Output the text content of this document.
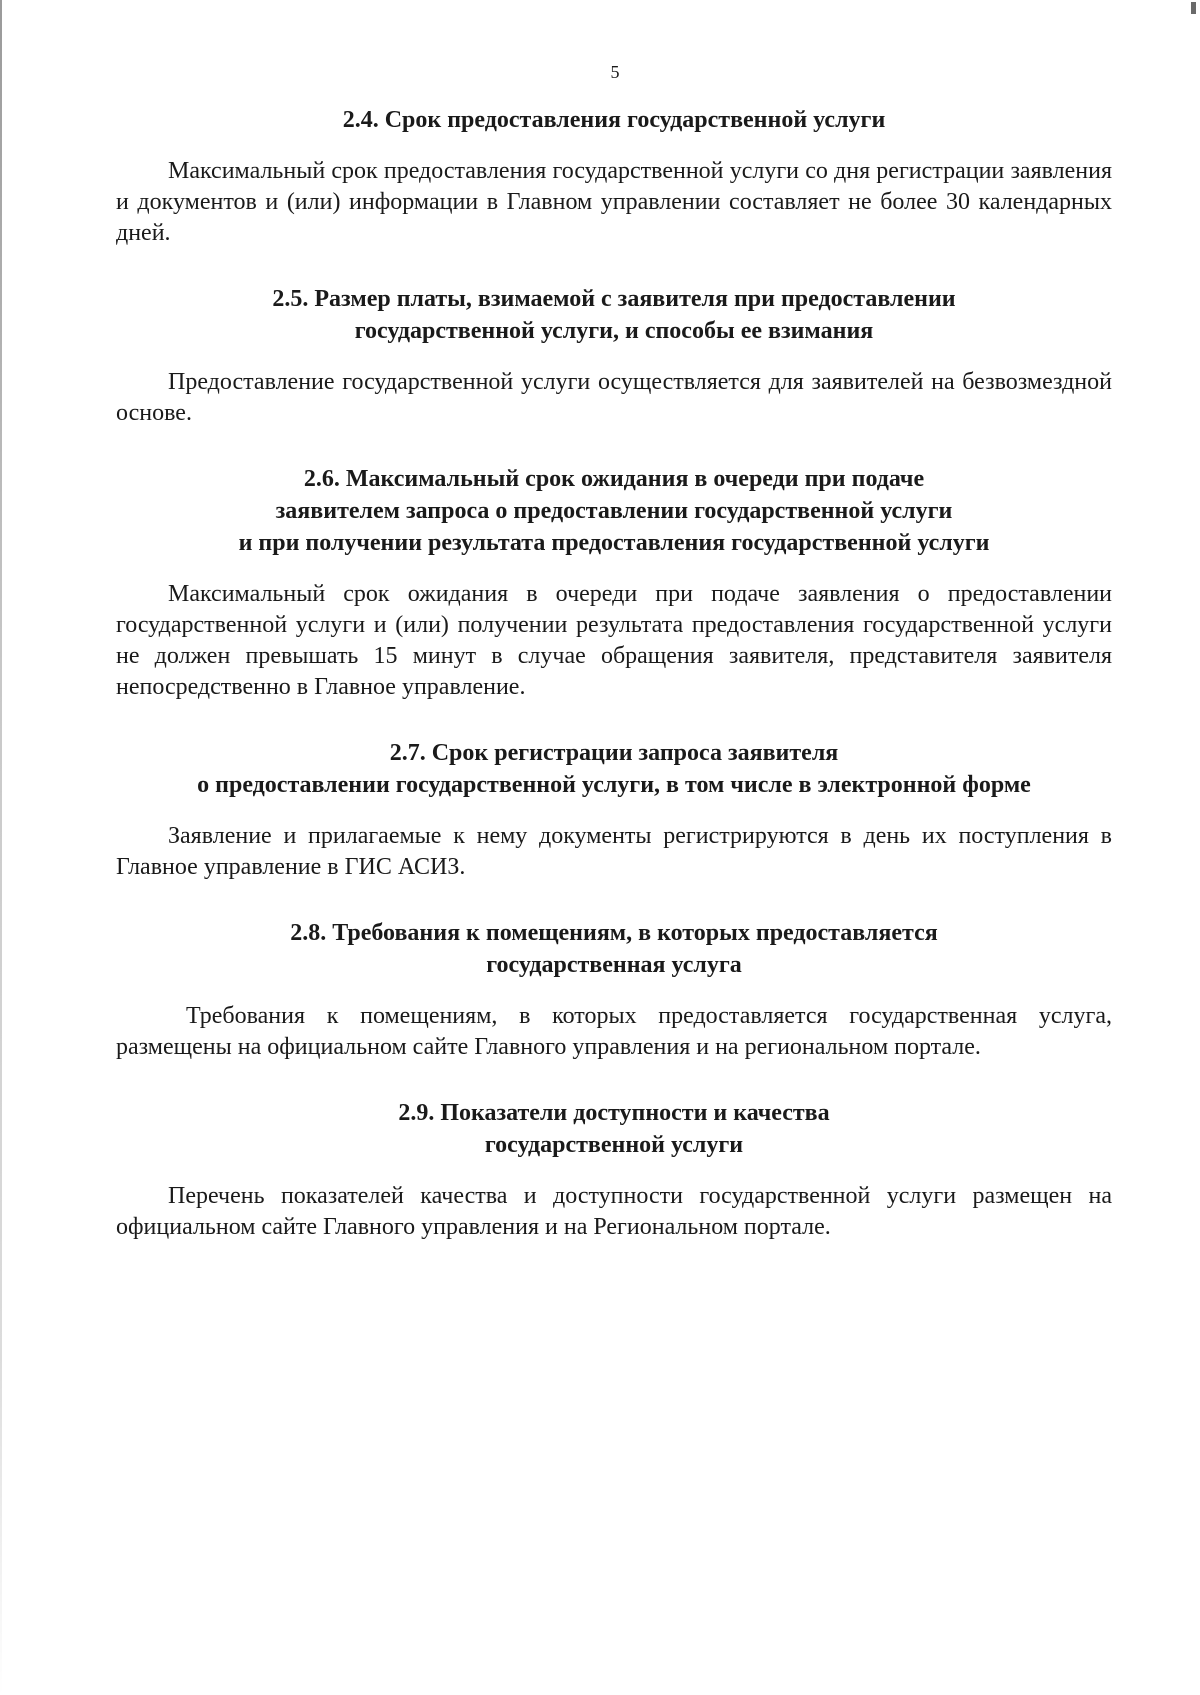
5
2.4. Срок предоставления государственной услуги

Максимальный срок предоставления государственной услуги со дня регистрации заявления и документов и (или) информации в Главном управлении составляет не более 30 календарных дней.

2.5. Размер платы, взимаемой с заявителя при предоставлении
государственной услуги, и способы ее взимания

Предоставление государственной услуги осуществляется для заявителей на безвозмездной основе.

2.6. Максимальный срок ожидания в очереди при подаче
заявителем запроса о предоставлении государственной услуги
и при получении результата предоставления государственной услуги

Максимальный срок ожидания в очереди при подаче заявления о предоставлении государственной услуги и (или) получении результата предоставления государственной услуги не должен превышать 15 минут в случае обращения заявителя, представителя заявителя непосредственно в Главное управление.

2.7. Срок регистрации запроса заявителя
о предоставлении государственной услуги, в том числе в электронной форме

Заявление и прилагаемые к нему документы регистрируются в день их поступления в Главное управление в ГИС АСИЗ.

2.8. Требования к помещениям, в которых предоставляется
государственная услуга

Требования к помещениям, в которых предоставляется государственная услуга, размещены на официальном сайте Главного управления и на региональном портале.

2.9. Показатели доступности и качества
государственной услуги

Перечень показателей качества и доступности государственной услуги размещен на официальном сайте Главного управления и на Региональном портале.
